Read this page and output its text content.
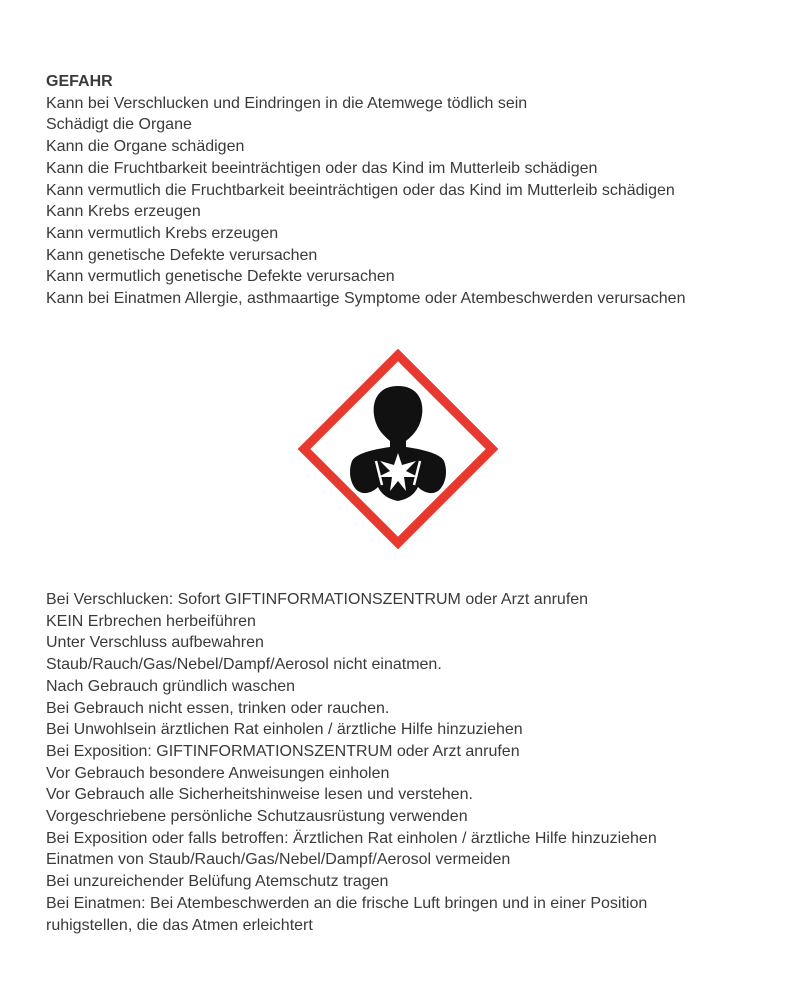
GEFAHR
Kann bei Verschlucken und Eindringen in die Atemwege tödlich sein
Schädigt die Organe
Kann die Organe schädigen
Kann die Fruchtbarkeit beeinträchtigen oder das Kind im Mutterleib schädigen
Kann vermutlich die Fruchtbarkeit beeinträchtigen oder das Kind im Mutterleib schädigen
Kann Krebs erzeugen
Kann vermutlich Krebs erzeugen
Kann genetische Defekte verursachen
Kann vermutlich genetische Defekte verursachen
Kann bei Einatmen Allergie, asthmaartige Symptome oder Atembeschwerden verursachen
Bei Verschlucken: Sofort GIFTINFORMATIONSZENTRUM oder Arzt anrufen
KEIN Erbrechen herbeiführen
Unter Verschluss aufbewahren
Staub/Rauch/Gas/Nebel/Dampf/Aerosol nicht einatmen.
Nach Gebrauch gründlich waschen
Bei Gebrauch nicht essen, trinken oder rauchen.
Bei Unwohlsein ärztlichen Rat einholen / ärztliche Hilfe hinzuziehen
Bei Exposition: GIFTINFORMATIONSZENTRUM oder Arzt anrufen
Vor Gebrauch besondere Anweisungen einholen
Vor Gebrauch alle Sicherheitshinweise lesen und verstehen.
Vorgeschriebene persönliche Schutzausrüstung verwenden
Bei Exposition oder falls betroffen: Ärztlichen Rat einholen / ärztliche Hilfe hinzuziehen
Einatmen von Staub/Rauch/Gas/Nebel/Dampf/Aerosol vermeiden
Bei unzureichender Belüfung Atemschutz tragen
Bei Einatmen: Bei Atembeschwerden an die frische Luft bringen und in einer Position
ruhigstellen, die das Atmen erleichtert
